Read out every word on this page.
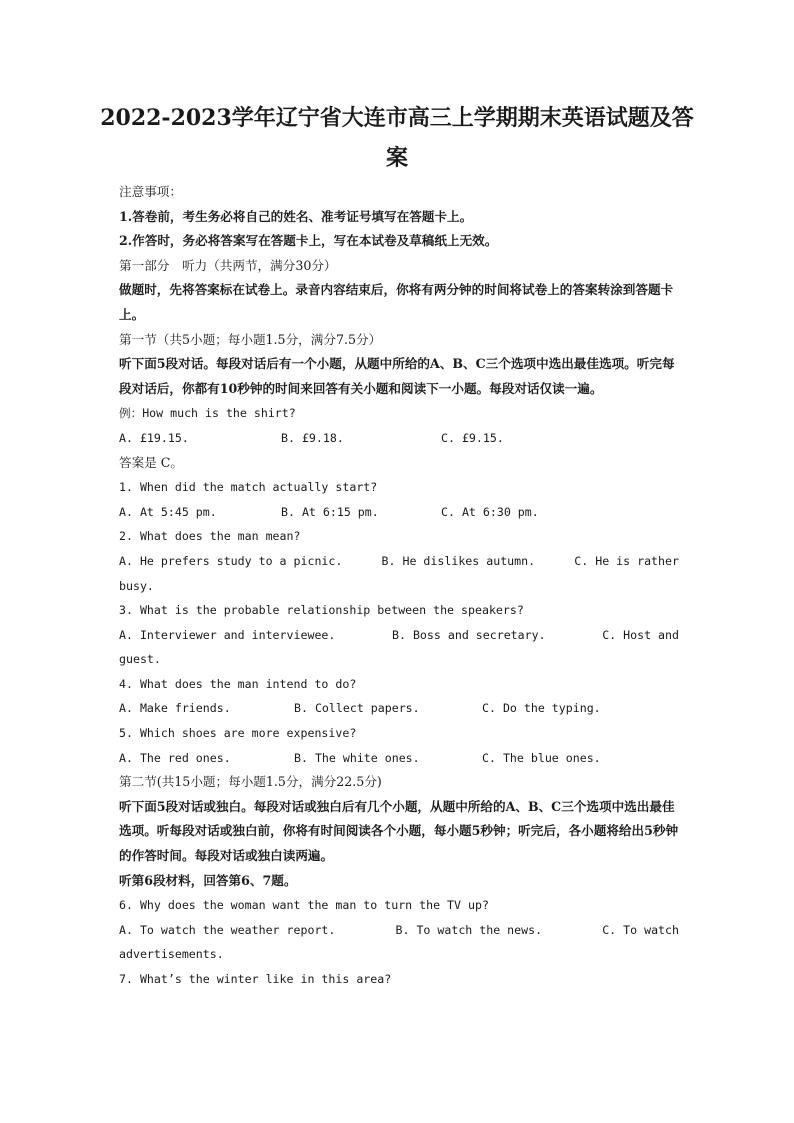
2022-2023学年辽宁省大连市高三上学期期末英语试题及答案
注意事项：
1.答卷前，考生务必将自己的姓名、准考证号填写在答题卡上。
2.作答时，务必将答案写在答题卡上，写在本试卷及草稿纸上无效。
第一部分　听力（共两节，满分30分）
做题时，先将答案标在试卷上。录音内容结束后，你将有两分钟的时间将试卷上的答案转涂到答题卡上。
第一节（共5小题；每小题1.5分，满分7.5分）
听下面5段对话。每段对话后有一个小题，从题中所给的A、B、C三个选项中选出最佳选项。听完每段对话后，你都有10秒钟的时间来回答有关小题和阅读下一小题。每段对话仅读一遍。
例：How much is the shirt?
A. £19.15.	B. £9.18.	C. £9.15.
答案是 C。
1. When did the match actually start?
A. At 5:45 pm.	B. At 6:15 pm.	C. At 6:30 pm.
2. What does the man mean?
A. He prefers study to a picnic.	B. He dislikes autumn.	C. He is rather
busy.
3. What is the probable relationship between the speakers?
A. Interviewer and interviewee.	B. Boss and secretary.	C. Host and
guest.
4. What does the man intend to do?
A. Make friends.	B. Collect papers.	C. Do the typing.
5. Which shoes are more expensive?
A. The red ones.	B. The white ones.	C. The blue ones.
第二节(共15小题；每小题1.5分，满分22.5分)
听下面5段对话或独白。每段对话或独白后有几个小题，从题中所给的A、B、C三个选项中选出最佳选项。听每段对话或独白前，你将有时间阅读各个小题，每小题5秒钟；听完后，各小题将给出5秒钟的作答时间。每段对话或独白读两遍。
听第6段材料，回答第6、7题。
6. Why does the woman want the man to turn the TV up?
A. To watch the weather report.	B. To watch the news.	C. To watch
advertisements.
7. What’s the winter like in this area?
